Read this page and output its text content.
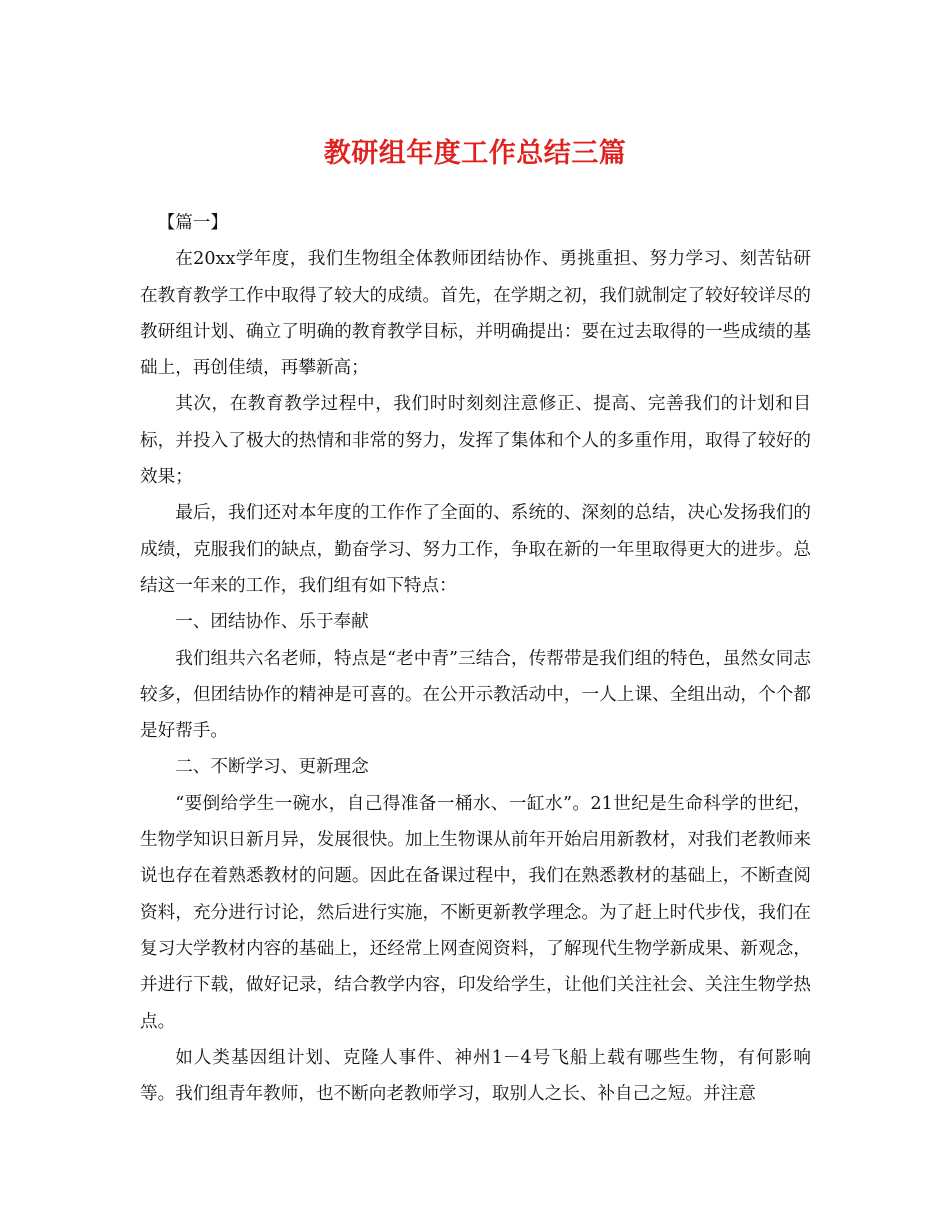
教研组年度工作总结三篇

【篇一】

在20xx学年度，我们生物组全体教师团结协作、勇挑重担、努力学习、刻苦钻研在教育教学工作中取得了较大的成绩。首先，在学期之初，我们就制定了较好较详尽的教研组计划、确立了明确的教育教学目标，并明确提出：要在过去取得的一些成绩的基础上，再创佳绩，再攀新高；

其次，在教育教学过程中，我们时时刻刻注意修正、提高、完善我们的计划和目标，并投入了极大的热情和非常的努力，发挥了集体和个人的多重作用，取得了较好的效果；

最后，我们还对本年度的工作作了全面的、系统的、深刻的总结，决心发扬我们的成绩，克服我们的缺点，勤奋学习、努力工作，争取在新的一年里取得更大的进步。总结这一年来的工作，我们组有如下特点：

一、团结协作、乐于奉献

我们组共六名老师，特点是“老中青”三结合，传帮带是我们组的特色，虽然女同志较多，但团结协作的精神是可喜的。在公开示教活动中，一人上课、全组出动，个个都是好帮手。

二、不断学习、更新理念

“要倒给学生一碗水，自己得准备一桶水、一缸水”。21世纪是生命科学的世纪，生物学知识日新月异，发展很快。加上生物课从前年开始启用新教材，对我们老教师来说也存在着熟悉教材的问题。因此在备课过程中，我们在熟悉教材的基础上，不断查阅资料，充分进行讨论，然后进行实施，不断更新教学理念。为了赶上时代步伐，我们在复习大学教材内容的基础上，还经常上网查阅资料，了解现代生物学新成果、新观念，并进行下载，做好记录，结合教学内容，印发给学生，让他们关注社会、关注生物学热点。

如人类基因组计划、克隆人事件、神州1－4号飞船上载有哪些生物，有何影响等。我们组青年教师，也不断向老教师学习，取别人之长、补自己之短。并注意
